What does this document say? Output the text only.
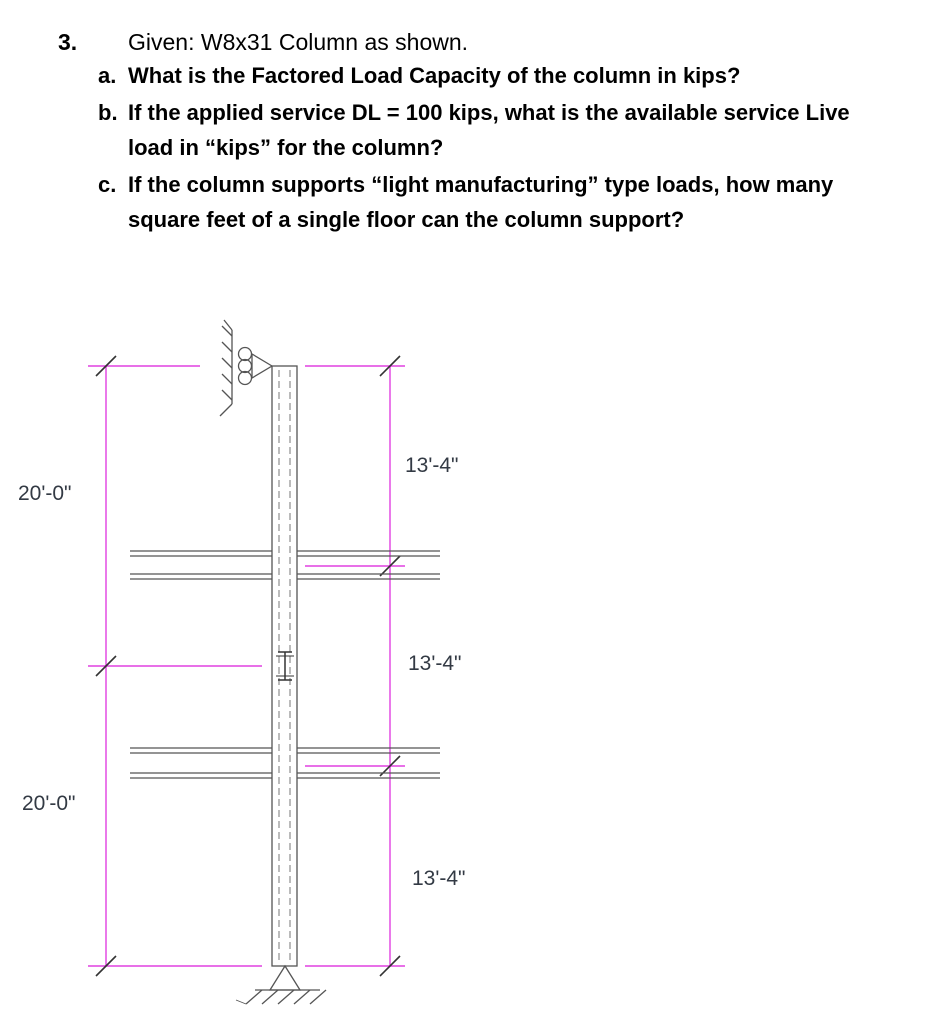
3. Given: W8x31 Column as shown.
a. What is the Factored Load Capacity of the column in kips?
b. If the applied service DL = 100 kips, what is the available service Live
load in “kips” for the column?
c. If the column supports “light manufacturing” type loads, how many
square feet of a single floor can the column support?
20'-0"
20'-0"
13'-4"
13'-4"
13'-4"
